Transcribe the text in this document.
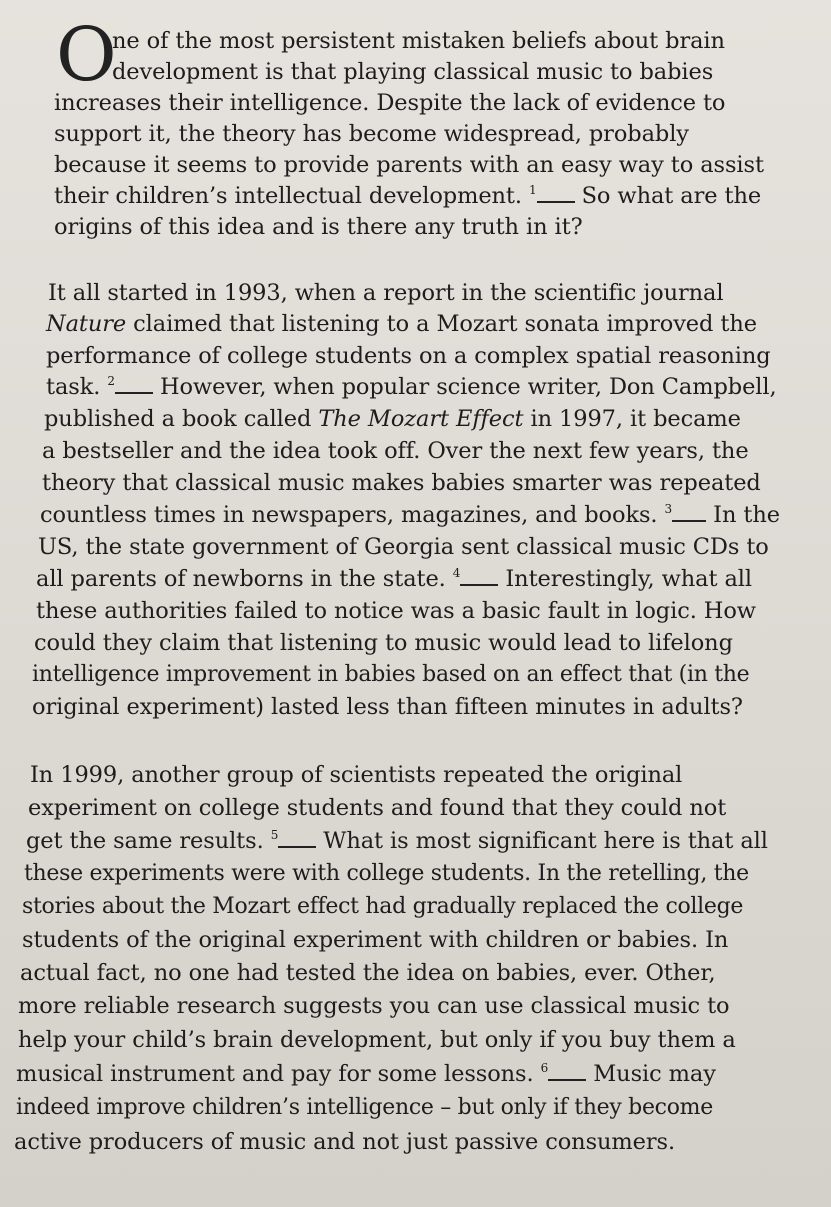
O
ne of the most persistent mistaken beliefs about brain
development is that playing classical music to babies
increases their intelligence. Despite the lack of evidence to
support it, the theory has become widespread, probably
because it seems to provide parents with an easy way to assist
their children’s intellectual development. $^1$ So what are the
origins of this idea and is there any truth in it?
It all started in 1993, when a report in the scientific journal
Nature claimed that listening to a Mozart sonata improved the
performance of college students on a complex spatial reasoning
task. $^2$ However, when popular science writer, Don Campbell,
published a book called The Mozart Effect in 1997, it became
a bestseller and the idea took off. Over the next few years, the
theory that classical music makes babies smarter was repeated
countless times in newspapers, magazines, and books. $^3$ In the
US, the state government of Georgia sent classical music CDs to
all parents of newborns in the state. $^4$ Interestingly, what all
these authorities failed to notice was a basic fault in logic. How
could they claim that listening to music would lead to lifelong
intelligence improvement in babies based on an effect that (in the
original experiment) lasted less than fifteen minutes in adults?
In 1999, another group of scientists repeated the original
experiment on college students and found that they could not
get the same results. $^5$ What is most significant here is that all
these experiments were with college students. In the retelling, the
stories about the Mozart effect had gradually replaced the college
students of the original experiment with children or babies. In
actual fact, no one had tested the idea on babies, ever. Other,
more reliable research suggests you can use classical music to
help your child’s brain development, but only if you buy them a
musical instrument and pay for some lessons. $^6$ Music may
indeed improve children’s intelligence – but only if they become
active producers of music and not just passive consumers.
